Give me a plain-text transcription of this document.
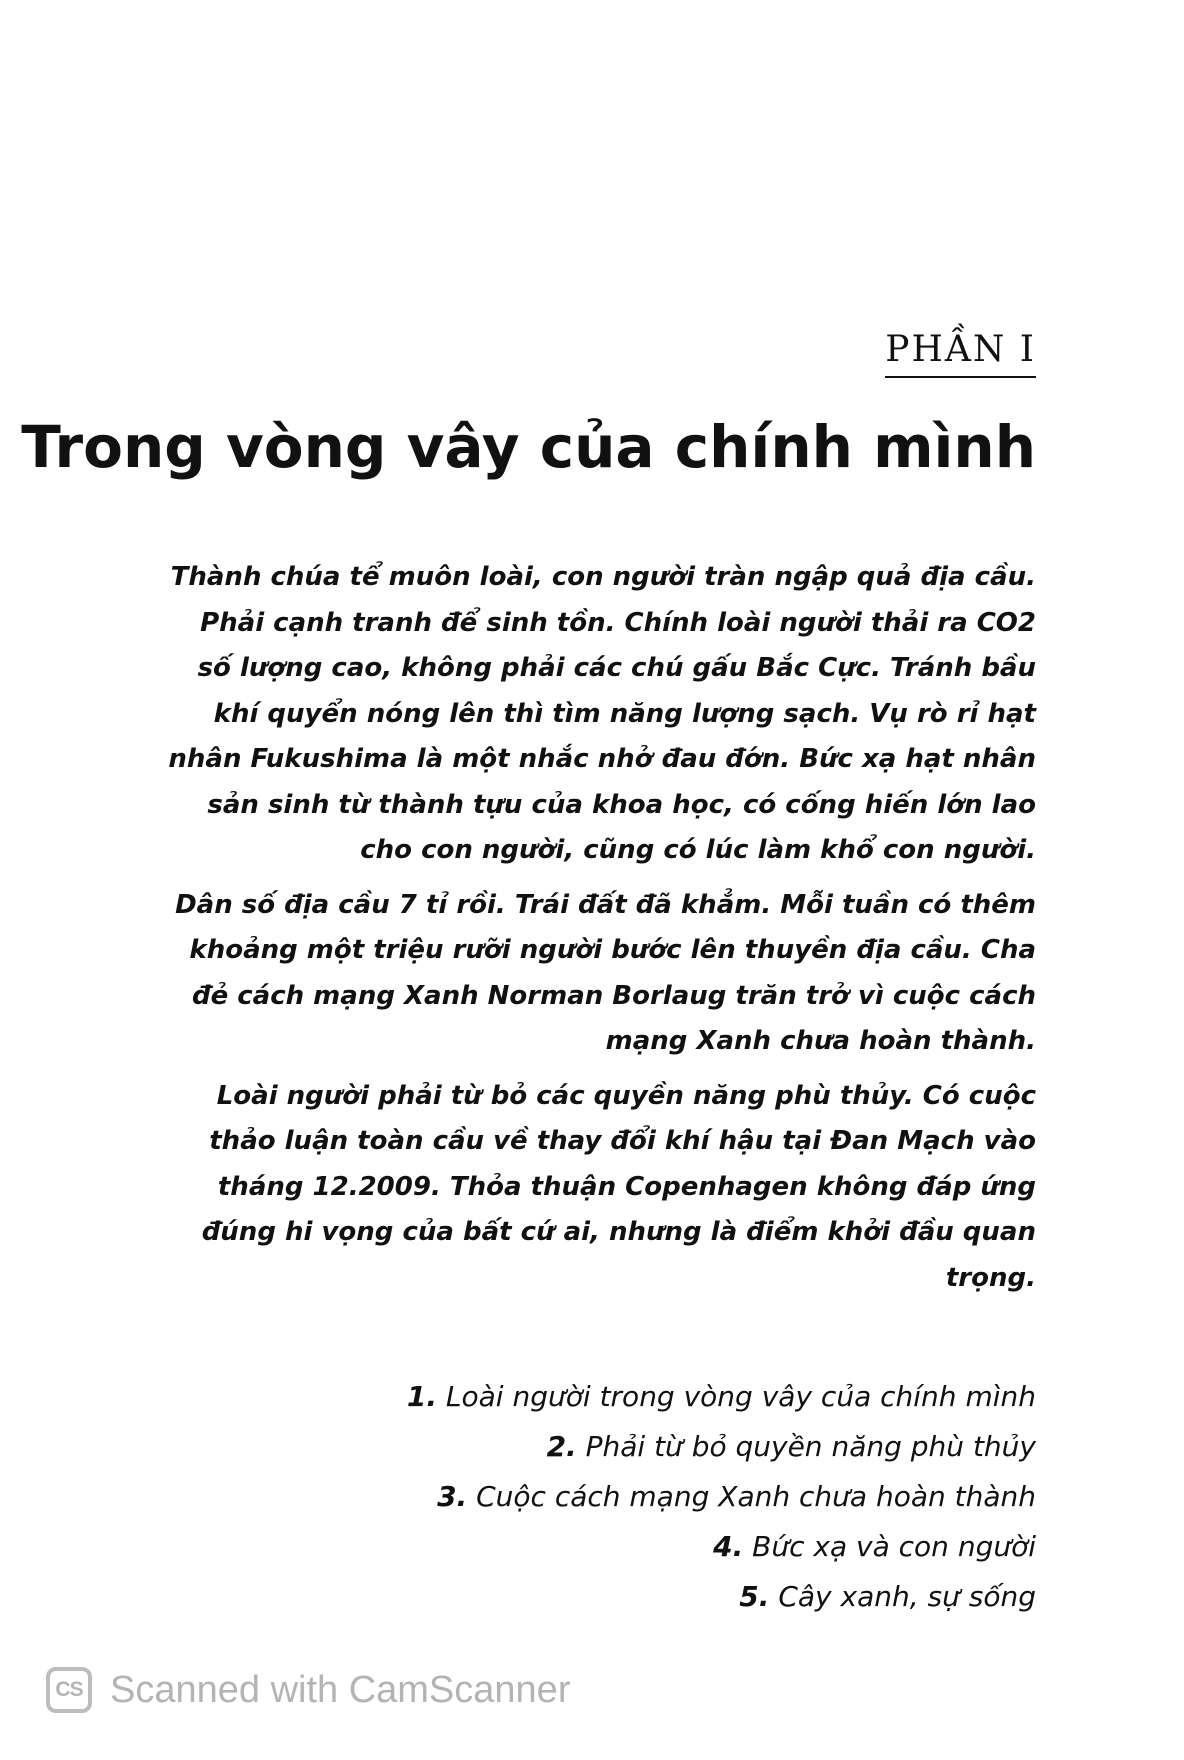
PHẦN I
Trong vòng vây của chính mình

Thành chúa tể muôn loài, con người tràn ngập quả địa cầu. Phải cạnh tranh để sinh tồn. Chính loài người thải ra CO2 số lượng cao, không phải các chú gấu Bắc Cực. Tránh bầu khí quyển nóng lên thì tìm năng lượng sạch. Vụ rò rỉ hạt nhân Fukushima là một nhắc nhở đau đớn. Bức xạ hạt nhân sản sinh từ thành tựu của khoa học, có cống hiến lớn lao cho con người, cũng có lúc làm khổ con người.

Dân số địa cầu 7 tỉ rồi. Trái đất đã khẳm. Mỗi tuần có thêm khoảng một triệu rưỡi người bước lên thuyền địa cầu. Cha đẻ cách mạng Xanh Norman Borlaug trăn trở vì cuộc cách mạng Xanh chưa hoàn thành.

Loài người phải từ bỏ các quyền năng phù thủy. Có cuộc thảo luận toàn cầu về thay đổi khí hậu tại Đan Mạch vào tháng 12.2009. Thỏa thuận Copenhagen không đáp ứng đúng hi vọng của bất cứ ai, nhưng là điểm khởi đầu quan trọng.

1. Loài người trong vòng vây của chính mình
2. Phải từ bỏ quyền năng phù thủy
3. Cuộc cách mạng Xanh chưa hoàn thành
4. Bức xạ và con người
5. Cây xanh, sự sống
CS Scanned with CamScanner
